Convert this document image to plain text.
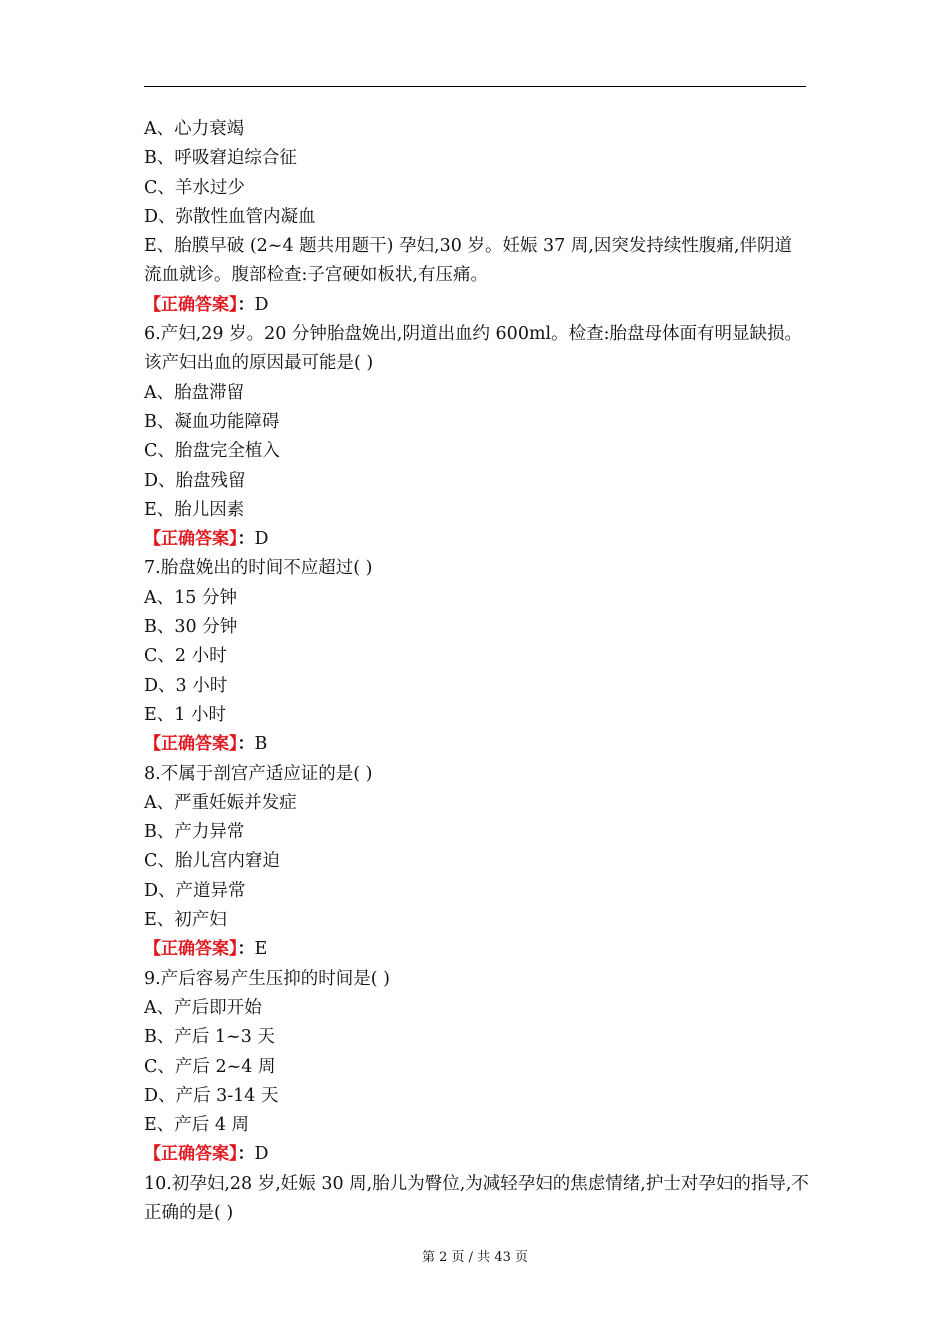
A、心力衰竭

B、呼吸窘迫综合征

C、羊水过少

D、弥散性血管内凝血

E、胎膜早破 (2~4 题共用题干) 孕妇,30 岁。妊娠 37 周,因突发持续性腹痛,伴阴道流血就诊。腹部检查:子宫硬如板状,有压痛。

【正确答案】：D

6.产妇,29 岁。20 分钟胎盘娩出,阴道出血约 600ml。检查:胎盘母体面有明显缺损。该产妇出血的原因最可能是( )

A、胎盘滞留

B、凝血功能障碍

C、胎盘完全植入

D、胎盘残留

E、胎儿因素

【正确答案】：D

7.胎盘娩出的时间不应超过( )

A、15 分钟

B、30 分钟

C、2 小时

D、3 小时

E、1 小时

【正确答案】：B

8.不属于剖宫产适应证的是( )

A、严重妊娠并发症

B、产力异常

C、胎儿宫内窘迫

D、产道异常

E、初产妇

【正确答案】：E

9.产后容易产生压抑的时间是( )

A、产后即开始

B、产后 1~3 天

C、产后 2~4 周

D、产后 3-14 天

E、产后 4 周

【正确答案】：D

10.初孕妇,28 岁,妊娠 30 周,胎儿为臀位,为减轻孕妇的焦虑情绪,护士对孕妇的指导,不正确的是( )

第 2 页 / 共 43 页
